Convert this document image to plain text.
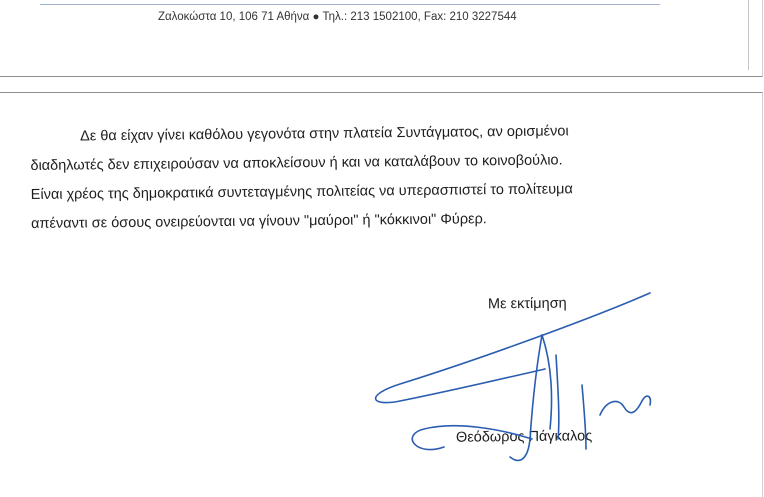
Ζαλοκώστα 10, 106 71 Αθήνα ● Τηλ.: 213 1502100, Fax: 210 3227544
Δε θα είχαν γίνει καθόλου γεγονότα στην πλατεία Συντάγματος, αν ορισμένοι
διαδηλωτές δεν επιχειρούσαν να αποκλείσουν ή και να καταλάβουν το κοινοβούλιο.
Είναι χρέος της δημοκρατικά συντεταγμένης πολιτείας να υπερασπιστεί το πολίτευμα
απέναντι σε όσους ονειρεύονται να γίνουν "μαύροι" ή "κόκκινοι" Φύρερ.
Με εκτίμηση
Θεόδωρος Πάγκαλος
